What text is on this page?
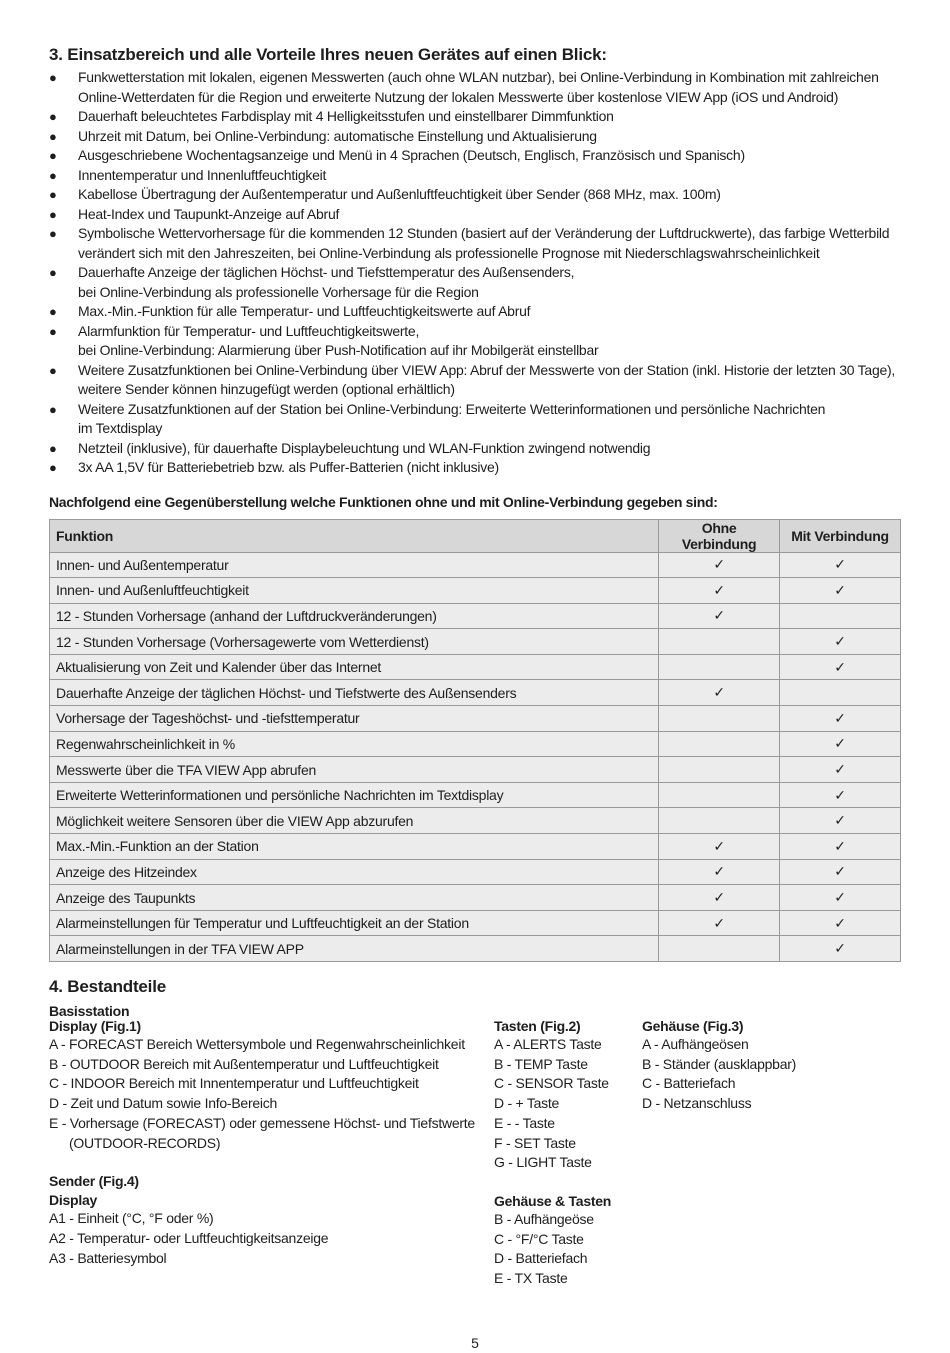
3. Einsatzbereich und alle Vorteile Ihres neuen Gerätes auf einen Blick:
● Funkwetterstation mit lokalen, eigenen Messwerten (auch ohne WLAN nutzbar), bei Online-Verbindung in Kombination mit zahlreichen
Online-Wetterdaten für die Region und erweiterte Nutzung der lokalen Messwerte über kostenlose VIEW App (iOS und Android)
● Dauerhaft beleuchtetes Farbdisplay mit 4 Helligkeitsstufen und einstellbarer Dimmfunktion
● Uhrzeit mit Datum, bei Online-Verbindung: automatische Einstellung und Aktualisierung
● Ausgeschriebene Wochentagsanzeige und Menü in 4 Sprachen (Deutsch, Englisch, Französisch und Spanisch)
● Innentemperatur und Innenluftfeuchtigkeit
● Kabellose Übertragung der Außentemperatur und Außenluftfeuchtigkeit über Sender (868 MHz, max. 100m)
● Heat-Index und Taupunkt-Anzeige auf Abruf
● Symbolische Wettervorhersage für die kommenden 12 Stunden (basiert auf der Veränderung der Luftdruckwerte), das farbige Wetterbild
verändert sich mit den Jahreszeiten, bei Online-Verbindung als professionelle Prognose mit Niederschlagswahrscheinlichkeit
● Dauerhafte Anzeige der täglichen Höchst- und Tiefsttemperatur des Außensenders,
bei Online-Verbindung als professionelle Vorhersage für die Region
● Max.-Min.-Funktion für alle Temperatur- und Luftfeuchtigkeitswerte auf Abruf
● Alarmfunktion für Temperatur- und Luftfeuchtigkeitswerte,
bei Online-Verbindung: Alarmierung über Push-Notification auf ihr Mobilgerät einstellbar
● Weitere Zusatzfunktionen bei Online-Verbindung über VIEW App: Abruf der Messwerte von der Station (inkl. Historie der letzten 30 Tage),
weitere Sender können hinzugefügt werden (optional erhältlich)
● Weitere Zusatzfunktionen auf der Station bei Online-Verbindung: Erweiterte Wetterinformationen und persönliche Nachrichten
im Textdisplay
● Netzteil (inklusive), für dauerhafte Displaybeleuchtung und WLAN-Funktion zwingend notwendig
● 3x AA 1,5V für Batteriebetrieb bzw. als Puffer-Batterien (nicht inklusive)
Nachfolgend eine Gegenüberstellung welche Funktionen ohne und mit Online-Verbindung gegeben sind:
Funktion	Ohne Verbindung	Mit Verbindung
Innen- und Außentemperatur	✓	✓
Innen- und Außenluftfeuchtigkeit	✓	✓
12 - Stunden Vorhersage (anhand der Luftdruckveränderungen)	✓	
12 - Stunden Vorhersage (Vorhersagewerte vom Wetterdienst)		✓
Aktualisierung von Zeit und Kalender über das Internet		✓
Dauerhafte Anzeige der täglichen Höchst- und Tiefstwerte des Außensenders	✓	
Vorhersage der Tageshöchst- und -tiefsttemperatur		✓
Regenwahrscheinlichkeit in %		✓
Messwerte über die TFA VIEW App abrufen		✓
Erweiterte Wetterinformationen und persönliche Nachrichten im Textdisplay		✓
Möglichkeit weitere Sensoren über die VIEW App abzurufen		✓
Max.-Min.-Funktion an der Station	✓	✓
Anzeige des Hitzeindex	✓	✓
Anzeige des Taupunkts	✓	✓
Alarmeinstellungen für Temperatur und Luftfeuchtigkeit an der Station	✓	✓
Alarmeinstellungen in der TFA VIEW APP		✓
4. Bestandteile
Basisstation
Display (Fig.1)
A - FORECAST Bereich Wettersymbole und Regenwahrscheinlichkeit
B - OUTDOOR Bereich mit Außentemperatur und Luftfeuchtigkeit
C - INDOOR Bereich mit Innentemperatur und Luftfeuchtigkeit
D - Zeit und Datum sowie Info-Bereich
E - Vorhersage (FORECAST) oder gemessene Höchst- und Tiefstwerte
(OUTDOOR-RECORDS)
Sender (Fig.4)
Display
A1 - Einheit (°C, °F oder %)
A2 - Temperatur- oder Luftfeuchtigkeitsanzeige
A3 - Batteriesymbol
Tasten (Fig.2)
A - ALERTS Taste
B - TEMP Taste
C - SENSOR Taste
D - + Taste
E - - Taste
F - SET Taste
G - LIGHT Taste
Gehäuse & Tasten
B - Aufhängeöse
C - °F/°C Taste
D - Batteriefach
E - TX Taste
Gehäuse (Fig.3)
A - Aufhängeösen
B - Ständer (ausklappbar)
C - Batteriefach
D - Netzanschluss
5
